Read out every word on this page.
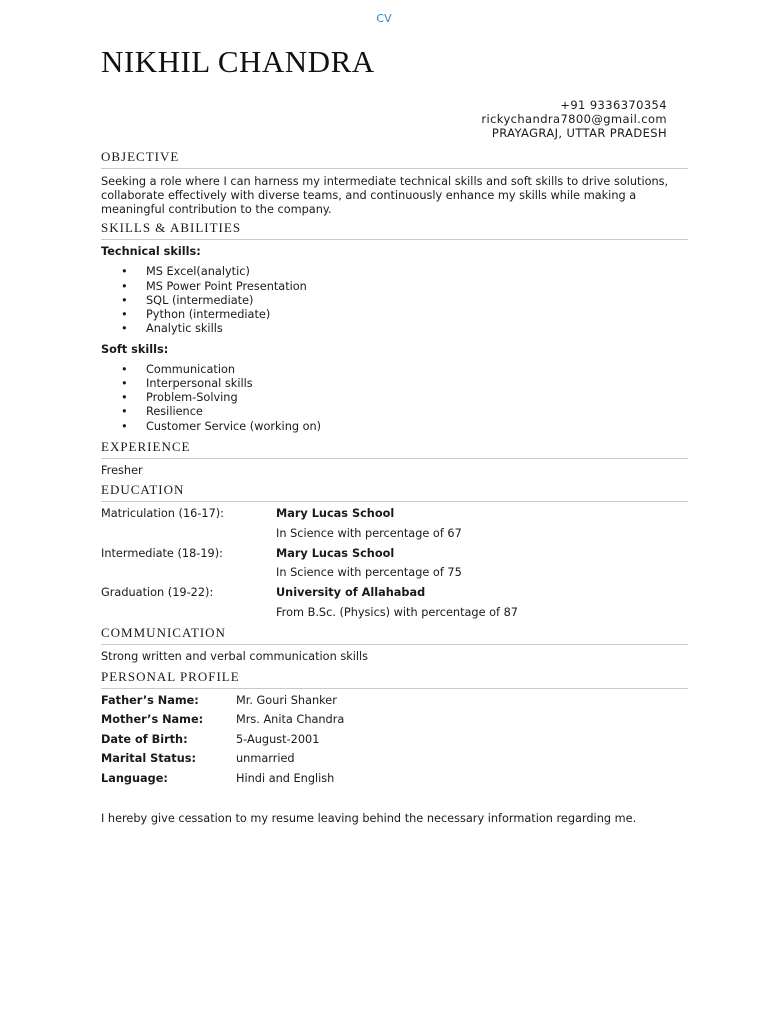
CV
NIKHIL CHANDRA
+91 9336370354
rickychandra7800@gmail.com
PRAYAGRAJ, UTTAR PRADESH
OBJECTIVE
Seeking a role where I can harness my intermediate technical skills and soft skills to drive solutions,
collaborate effectively with diverse teams, and continuously enhance my skills while making a
meaningful contribution to the company.
SKILLS & ABILITIES
Technical skills:
• MS Excel(analytic)
• MS Power Point Presentation
• SQL (intermediate)
• Python (intermediate)
• Analytic skills
Soft skills:
• Communication
• Interpersonal skills
• Problem-Solving
• Resilience
• Customer Service (working on)
EXPERIENCE
Fresher
EDUCATION
Matriculation (16-17):	Mary Lucas School
In Science with percentage of 67
Intermediate (18-19):	Mary Lucas School
In Science with percentage of 75
Graduation (19-22):	University of Allahabad
From B.Sc. (Physics) with percentage of 87
COMMUNICATION
Strong written and verbal communication skills
PERSONAL PROFILE
Father’s Name:	Mr. Gouri Shanker
Mother’s Name:	Mrs. Anita Chandra
Date of Birth:	5-August-2001
Marital Status:	unmarried
Language:	Hindi and English
I hereby give cessation to my resume leaving behind the necessary information regarding me.
